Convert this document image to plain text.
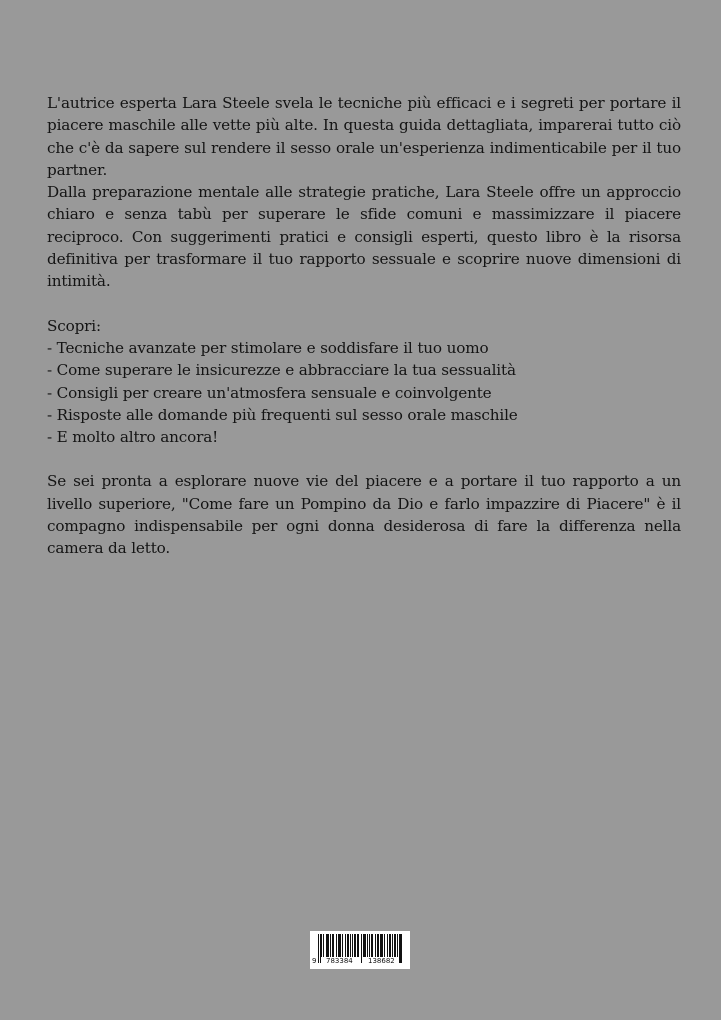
L'autrice esperta Lara Steele svela le tecniche più efficaci e i segreti per portare il piacere maschile alle vette più alte. In questa guida dettagliata, imparerai tutto ciò che c'è da sapere sul rendere il sesso orale un'esperienza indimenticabile per il tuo partner.

Dalla preparazione mentale alle strategie pratiche, Lara Steele offre un approccio chiaro e senza tabù per superare le sfide comuni e massimizzare il piacere reciproco. Con suggerimenti pratici e consigli esperti, questo libro è la risorsa definitiva per trasformare il tuo rapporto sessuale e scoprire nuove dimensioni di intimità.

Scopri:

- Tecniche avanzate per stimolare e soddisfare il tuo uomo

- Come superare le insicurezze e abbracciare la tua sessualità

- Consigli per creare un'atmosfera sensuale e coinvolgente

- Risposte alle domande più frequenti sul sesso orale maschile

- E molto altro ancora!

Se sei pronta a esplorare nuove vie del piacere e a portare il tuo rapporto a un livello superiore, "Come fare un Pompino da Dio e farlo impazzire di Piacere" è il compagno indispensabile per ogni donna desiderosa di fare la differenza nella camera da letto.

9 783384 138682
